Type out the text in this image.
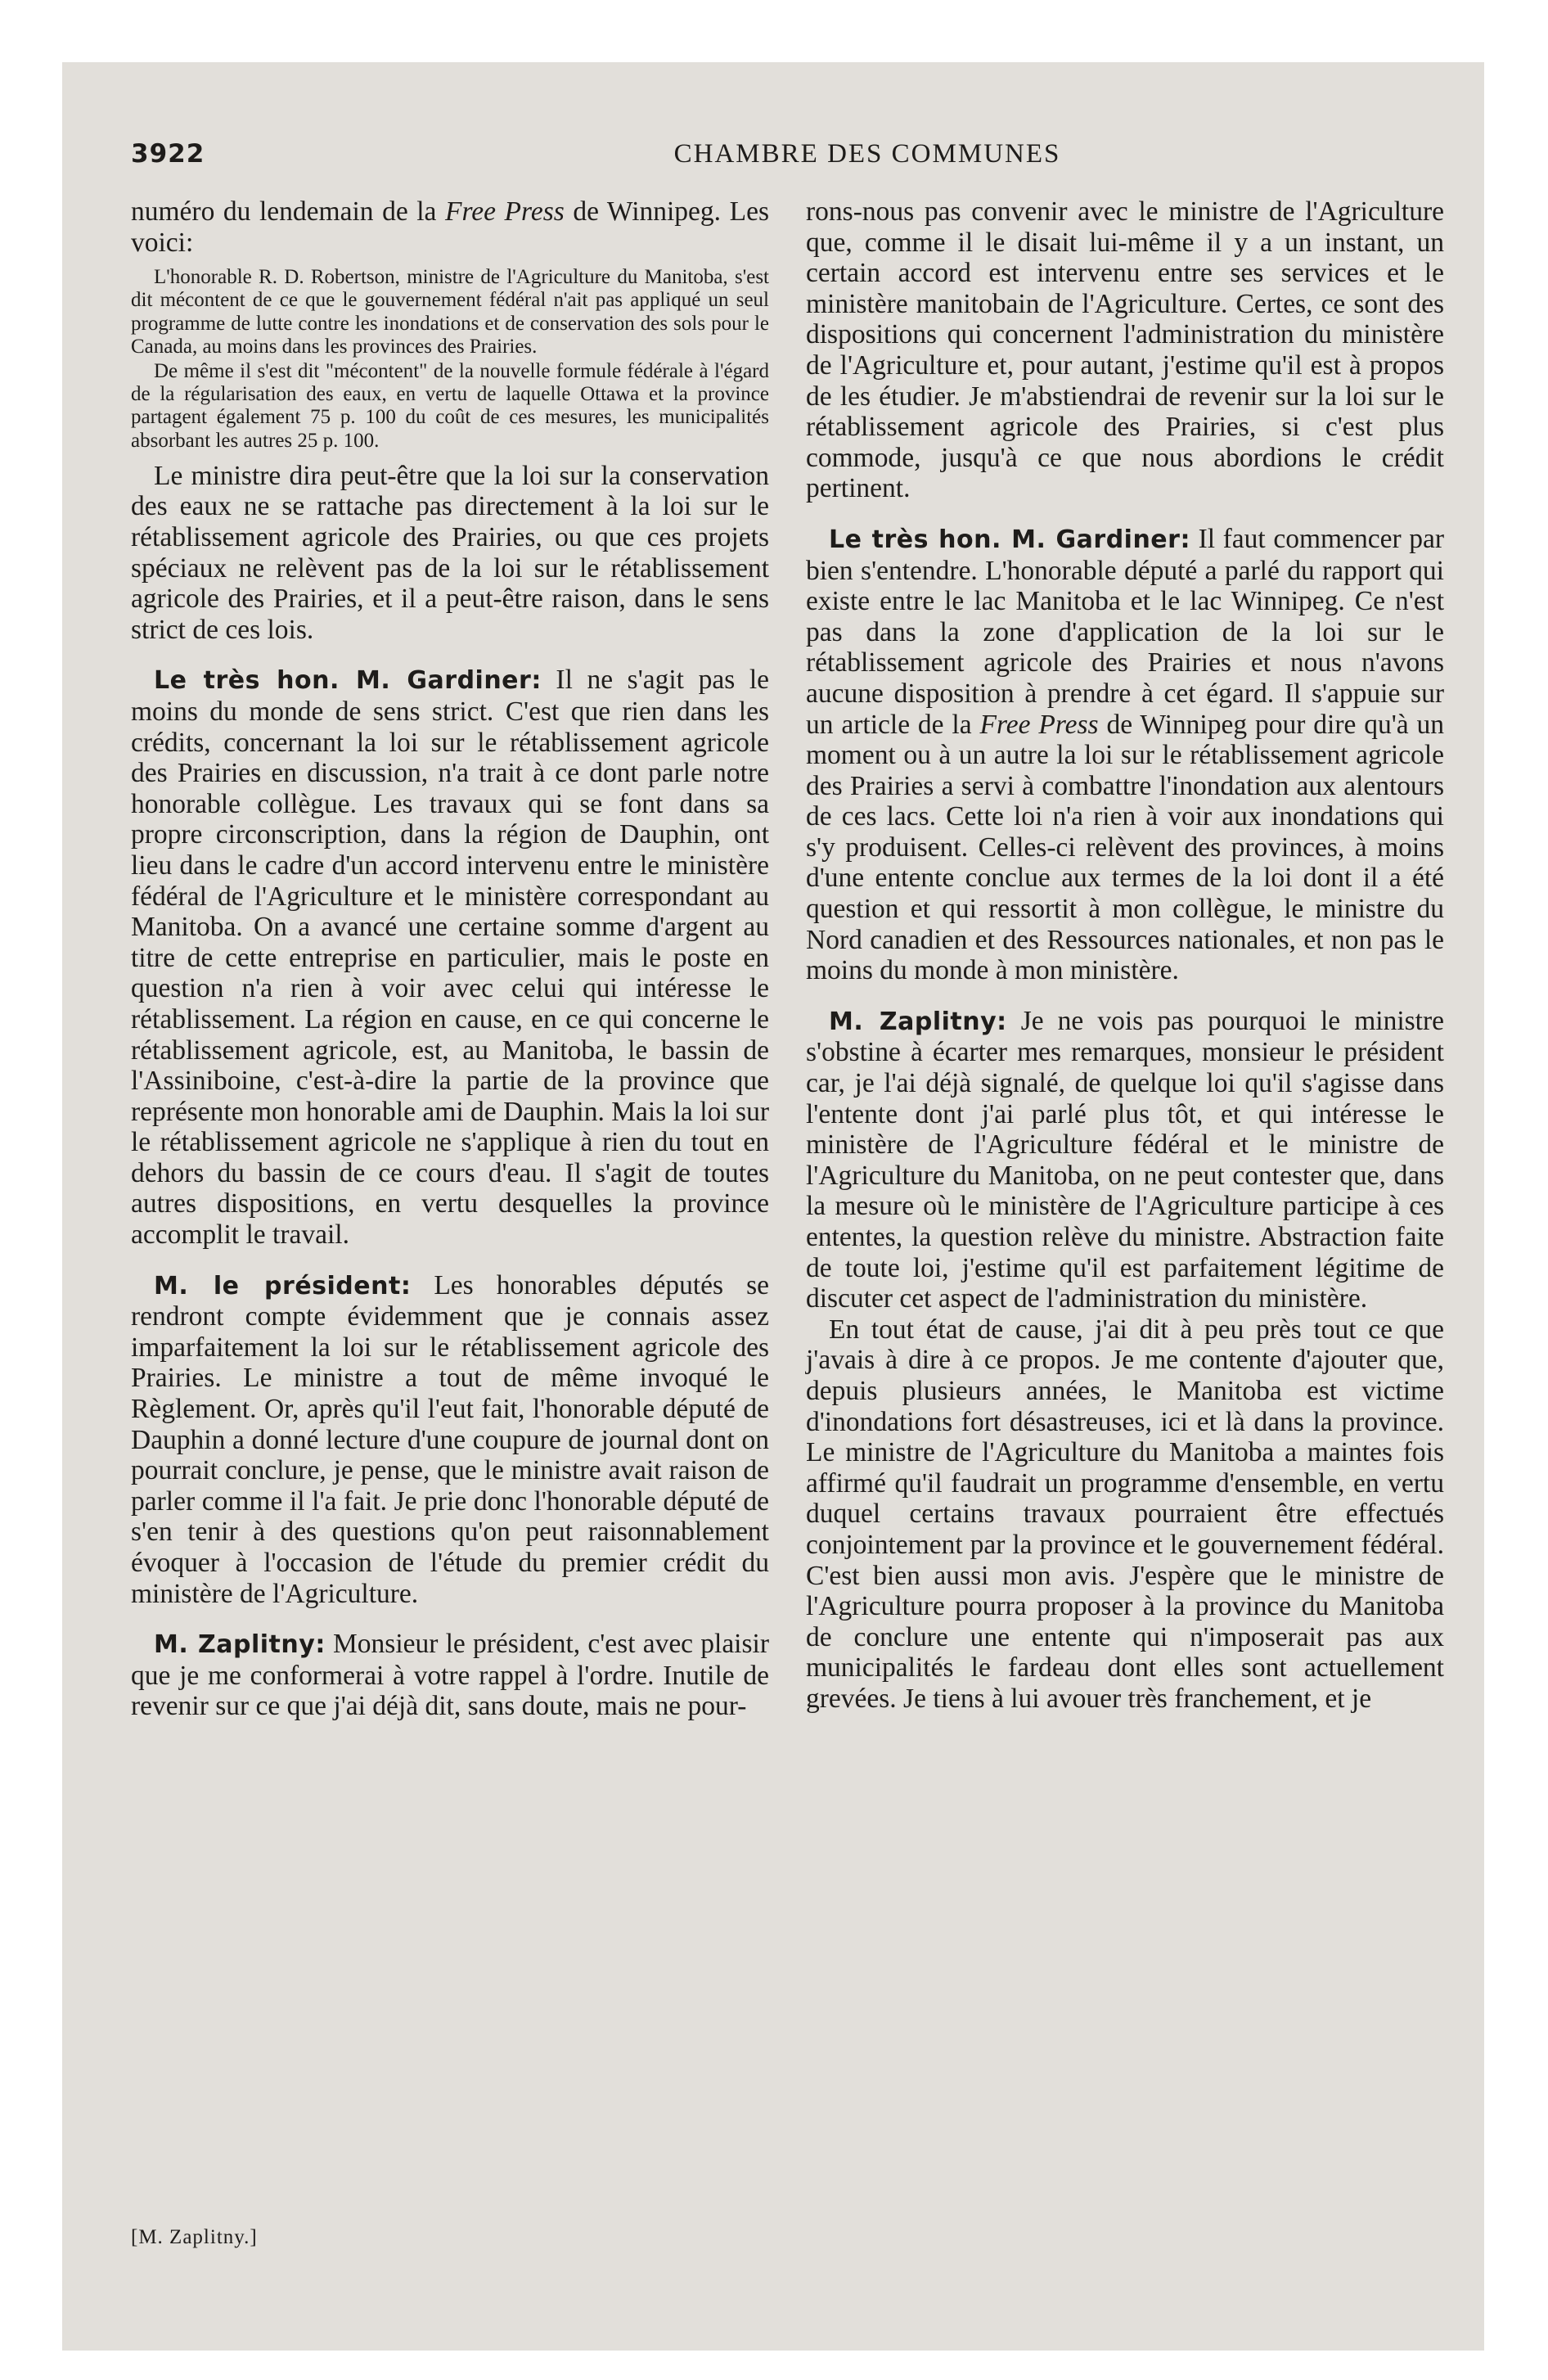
3922	CHAMBRE DES COMMUNES

numéro du lendemain de la Free Press de Winnipeg. Les voici:

L'honorable R. D. Robertson, ministre de l'Agriculture du Manitoba, s'est dit mécontent de ce que le gouvernement fédéral n'ait pas appliqué un seul programme de lutte contre les inondations et de conservation des sols pour le Canada, au moins dans les provinces des Prairies.

De même il s'est dit "mécontent" de la nouvelle formule fédérale à l'égard de la régularisation des eaux, en vertu de laquelle Ottawa et la province partagent également 75 p. 100 du coût de ces mesures, les municipalités absorbant les autres 25 p. 100.

Le ministre dira peut-être que la loi sur la conservation des eaux ne se rattache pas directement à la loi sur le rétablissement agricole des Prairies, ou que ces projets spéciaux ne relèvent pas de la loi sur le rétablissement agricole des Prairies, et il a peut-être raison, dans le sens strict de ces lois.

Le très hon. M. Gardiner: Il ne s'agit pas le moins du monde de sens strict. C'est que rien dans les crédits, concernant la loi sur le rétablissement agricole des Prairies en discussion, n'a trait à ce dont parle notre honorable collègue. Les travaux qui se font dans sa propre circonscription, dans la région de Dauphin, ont lieu dans le cadre d'un accord intervenu entre le ministère fédéral de l'Agriculture et le ministère correspondant au Manitoba. On a avancé une certaine somme d'argent au titre de cette entreprise en particulier, mais le poste en question n'a rien à voir avec celui qui intéresse le rétablissement. La région en cause, en ce qui concerne le rétablissement agricole, est, au Manitoba, le bassin de l'Assiniboine, c'est-à-dire la partie de la province que représente mon honorable ami de Dauphin. Mais la loi sur le rétablissement agricole ne s'applique à rien du tout en dehors du bassin de ce cours d'eau. Il s'agit de toutes autres dispositions, en vertu desquelles la province accomplit le travail.

M. le président: Les honorables députés se rendront compte évidemment que je connais assez imparfaitement la loi sur le rétablissement agricole des Prairies. Le ministre a tout de même invoqué le Règlement. Or, après qu'il l'eut fait, l'honorable député de Dauphin a donné lecture d'une coupure de journal dont on pourrait conclure, je pense, que le ministre avait raison de parler comme il l'a fait. Je prie donc l'honorable député de s'en tenir à des questions qu'on peut raisonnablement évoquer à l'occasion de l'étude du premier crédit du ministère de l'Agriculture.

M. Zaplitny: Monsieur le président, c'est avec plaisir que je me conformerai à votre rappel à l'ordre. Inutile de revenir sur ce que j'ai déjà dit, sans doute, mais ne pour-

rons-nous pas convenir avec le ministre de l'Agriculture que, comme il le disait lui-même il y a un instant, un certain accord est intervenu entre ses services et le ministère manitobain de l'Agriculture. Certes, ce sont des dispositions qui concernent l'administration du ministère de l'Agriculture et, pour autant, j'estime qu'il est à propos de les étudier. Je m'abstiendrai de revenir sur la loi sur le rétablissement agricole des Prairies, si c'est plus commode, jusqu'à ce que nous abordions le crédit pertinent.

Le très hon. M. Gardiner: Il faut commencer par bien s'entendre. L'honorable député a parlé du rapport qui existe entre le lac Manitoba et le lac Winnipeg. Ce n'est pas dans la zone d'application de la loi sur le rétablissement agricole des Prairies et nous n'avons aucune disposition à prendre à cet égard. Il s'appuie sur un article de la Free Press de Winnipeg pour dire qu'à un moment ou à un autre la loi sur le rétablissement agricole des Prairies a servi à combattre l'inondation aux alentours de ces lacs. Cette loi n'a rien à voir aux inondations qui s'y produisent. Celles-ci relèvent des provinces, à moins d'une entente conclue aux termes de la loi dont il a été question et qui ressortit à mon collègue, le ministre du Nord canadien et des Ressources nationales, et non pas le moins du monde à mon ministère.

M. Zaplitny: Je ne vois pas pourquoi le ministre s'obstine à écarter mes remarques, monsieur le président car, je l'ai déjà signalé, de quelque loi qu'il s'agisse dans l'entente dont j'ai parlé plus tôt, et qui intéresse le ministère de l'Agriculture fédéral et le ministre de l'Agriculture du Manitoba, on ne peut contester que, dans la mesure où le ministère de l'Agriculture participe à ces ententes, la question relève du ministre. Abstraction faite de toute loi, j'estime qu'il est parfaitement légitime de discuter cet aspect de l'administration du ministère.

En tout état de cause, j'ai dit à peu près tout ce que j'avais à dire à ce propos. Je me contente d'ajouter que, depuis plusieurs années, le Manitoba est victime d'inondations fort désastreuses, ici et là dans la province. Le ministre de l'Agriculture du Manitoba a maintes fois affirmé qu'il faudrait un programme d'ensemble, en vertu duquel certains travaux pourraient être effectués conjointement par la province et le gouvernement fédéral. C'est bien aussi mon avis. J'espère que le ministre de l'Agriculture pourra proposer à la province du Manitoba de conclure une entente qui n'imposerait pas aux municipalités le fardeau dont elles sont actuellement grevées. Je tiens à lui avouer très franchement, et je

[M. Zaplitny.]
